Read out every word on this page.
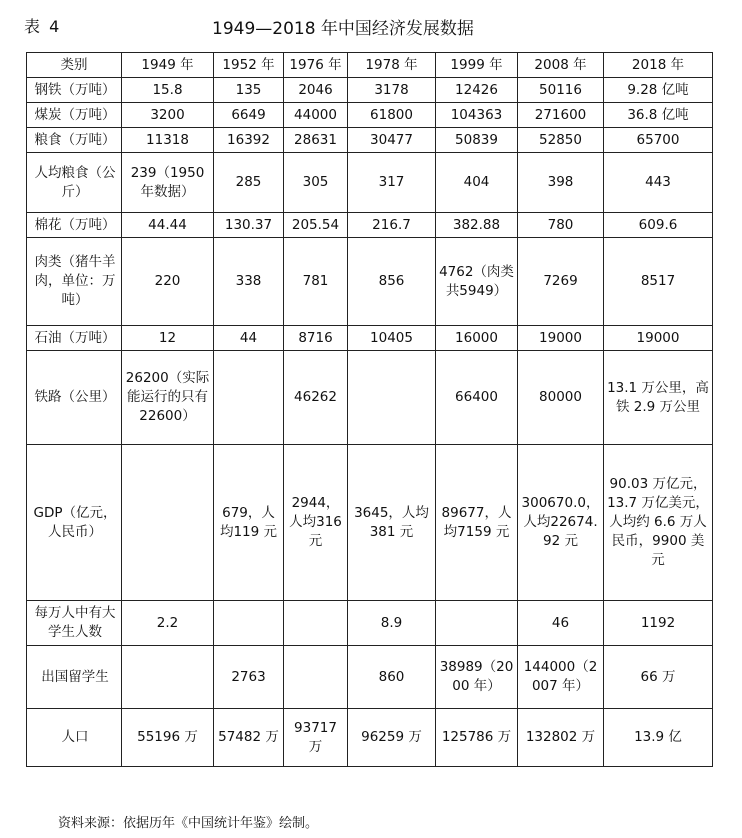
表 4	1949—2018 年中国经济发展数据
类别	1949 年	1952 年	1976 年	1978 年	1999 年	2008 年	2018 年
钢铁（万吨）	15.8	135	2046	3178	12426	50116	9.28 亿吨
煤炭（万吨）	3200	6649	44000	61800	104363	271600	36.8 亿吨
粮食（万吨）	11318	16392	28631	30477	50839	52850	65700
人均粮食（公斤）	239（1950 年数据）	285	305	317	404	398	443
棉花（万吨）	44.44	130.37	205.54	216.7	382.88	780	609.6
肉类（猪牛羊肉，单位：万吨）	220	338	781	856	4762（肉类共5949）	7269	8517
石油（万吨）	12	44	8716	10405	16000	19000	19000
铁路（公里）	26200（实际能运行的只有22600）		46262		66400	80000	13.1 万公里，高铁 2.9 万公里
GDP（亿元，人民币）		679，人均119 元	2944，人均316 元	3645，人均 381 元	89677，人均7159 元	300670.0，人均22674.92 元	90.03 万亿元，13.7 万亿美元，人均约 6.6 万人民币，9900 美元
每万人中有大学生人数	2.2			8.9		46	1192
出国留学生		2763		860	38989（2000 年）	144000（2007 年）	66 万
人口	55196 万	57482 万	93717 万	96259 万	125786 万	132802 万	13.9 亿
资料来源：依据历年《中国统计年鉴》绘制。
